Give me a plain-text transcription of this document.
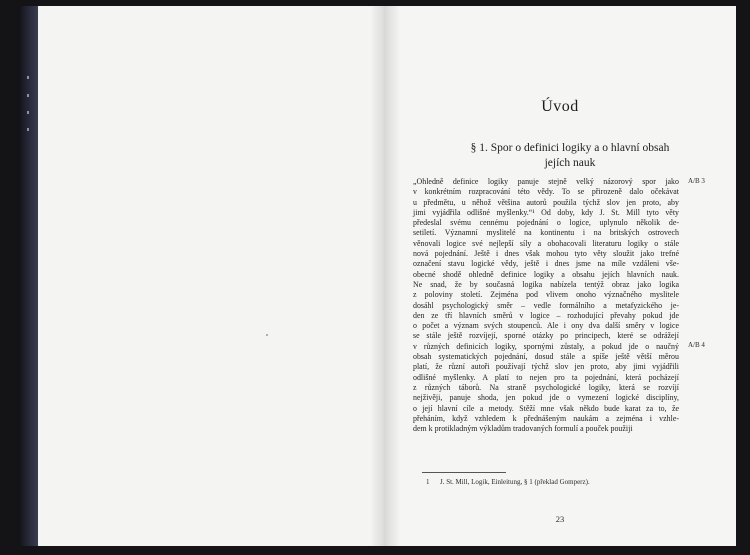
Úvod
§ 1. Spor o definici logiky a o hlavní obsah
jejích nauk
„Ohledně definice logiky panuje stejně velký názorový spor jako
v konkrétním rozpracování této vědy. To se přirozeně dalo očekávat
u předmětu, u něhož většina autorů použila týchž slov jen proto, aby
jimi vyjádřila odlišné myšlenky.“¹ Od doby, kdy J. St. Mill tyto věty
předeslal svému cennému pojednání o logice, uplynulo několik de-
setiletí. Významní myslitelé na kontinentu i na britských ostrovech
věnovali logice své nejlepší síly a obohacovali literaturu logiky o stále
nová pojednání. Ještě i dnes však mohou tyto věty sloužit jako trefné
označení stavu logické vědy, ještě i dnes jsme na míle vzdáleni vše-
obecné shodě ohledně definice logiky a obsahu jejích hlavních nauk.
Ne snad, že by současná logika nabízela tentýž obraz jako logika
z poloviny století. Zejména pod vlivem onoho význačného myslitele
dosáhl psychologický směr – vedle formálního a metafyzického je-
den ze tří hlavních směrů v logice – rozhodující převahy pokud jde
o počet a význam svých stoupenců. Ale i ony dva další směry v logice
se stále ještě rozvíjejí, sporné otázky po principech, které se odrážejí
v různých definicích logiky, spornými zůstaly, a pokud jde o naučný
obsah systematických pojednání, dosud stále a spíše ještě větší měrou
platí, že různí autoři používají týchž slov jen proto, aby jimi vyjádřili
odlišné myšlenky. A platí to nejen pro ta pojednání, která pocházejí
z různých táborů. Na straně psychologické logiky, která se rozvíjí
nejživěji, panuje shoda, jen pokud jde o vymezení logické disciplíny,
o její hlavní cíle a metody. Stěží mne však někdo bude karat za to, že
přeháním, když vzhledem k přednášeným naukám a zejména i vzhle-
dem k protikladným výkladům tradovaných formulí a pouček použiji
A/B 3
A/B 4
1 J. St. Mill, Logik, Einleitung, § 1 (překlad Gomperz).
23
